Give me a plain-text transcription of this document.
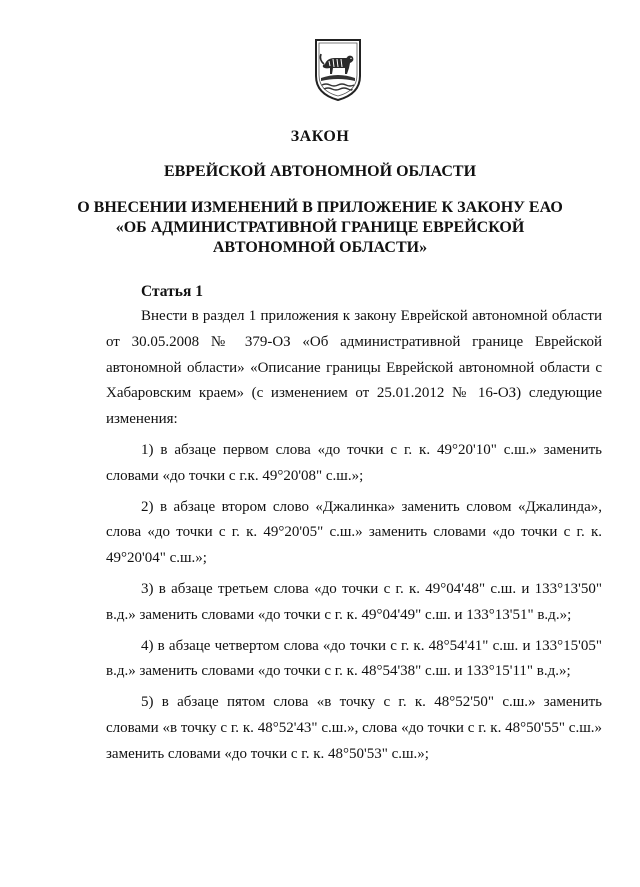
ЗАКОН
ЕВРЕЙСКОЙ АВТОНОМНОЙ ОБЛАСТИ
О ВНЕСЕНИИ ИЗМЕНЕНИЙ В ПРИЛОЖЕНИЕ К ЗАКОНУ ЕАО
«ОБ АДМИНИСТРАТИВНОЙ ГРАНИЦЕ ЕВРЕЙСКОЙ
АВТОНОМНОЙ ОБЛАСТИ»
Статья 1

Внести в раздел 1 приложения к закону Еврейской автономной области от 30.05.2008 № 379-ОЗ «Об административной границе Еврейской автономной области» «Описание границы Еврейской автономной области с Хабаровским краем» (с изменением от 25.01.2012 № 16-ОЗ) следующие изменения:

1) в абзаце первом слова «до точки с г. к. 49°20'10" с.ш.» заменить словами «до точки с г.к. 49°20'08" с.ш.»;

2) в абзаце втором слово «Джалинка» заменить словом «Джалинда», слова «до точки с г. к. 49°20'05" с.ш.» заменить словами «до точки с г. к. 49°20'04" с.ш.»;

3) в абзаце третьем слова «до точки с г. к. 49°04'48" с.ш. и 133°13'50" в.д.» заменить словами «до точки с г. к. 49°04'49" с.ш. и 133°13'51" в.д.»;

4) в абзаце четвертом слова «до точки с г. к. 48°54'41" с.ш. и 133°15'05" в.д.» заменить словами «до точки с г. к. 48°54'38" с.ш. и 133°15'11" в.д.»;

5) в абзаце пятом слова «в точку с г. к. 48°52'50" с.ш.» заменить словами «в точку с г. к. 48°52'43" с.ш.», слова «до точки с г. к. 48°50'55" с.ш.» заменить словами «до точки с г. к. 48°50'53" с.ш.»;
